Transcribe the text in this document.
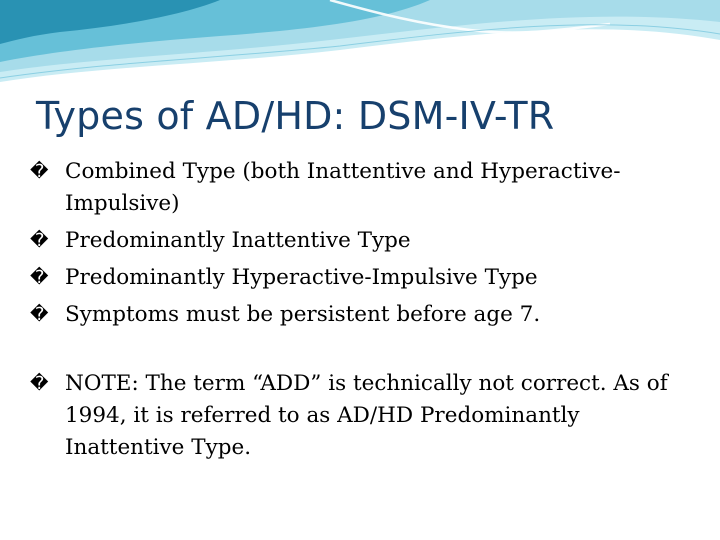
Types of AD/HD: DSM-IV-TR
� Combined Type (both Inattentive and Hyperactive-Impulsive)
� Predominantly Inattentive Type
� Predominantly Hyperactive-Impulsive Type
� Symptoms must be persistent before age 7.
� NOTE: The term “ADD” is technically not correct. As of 1994, it is referred to as AD/HD Predominantly Inattentive Type.
